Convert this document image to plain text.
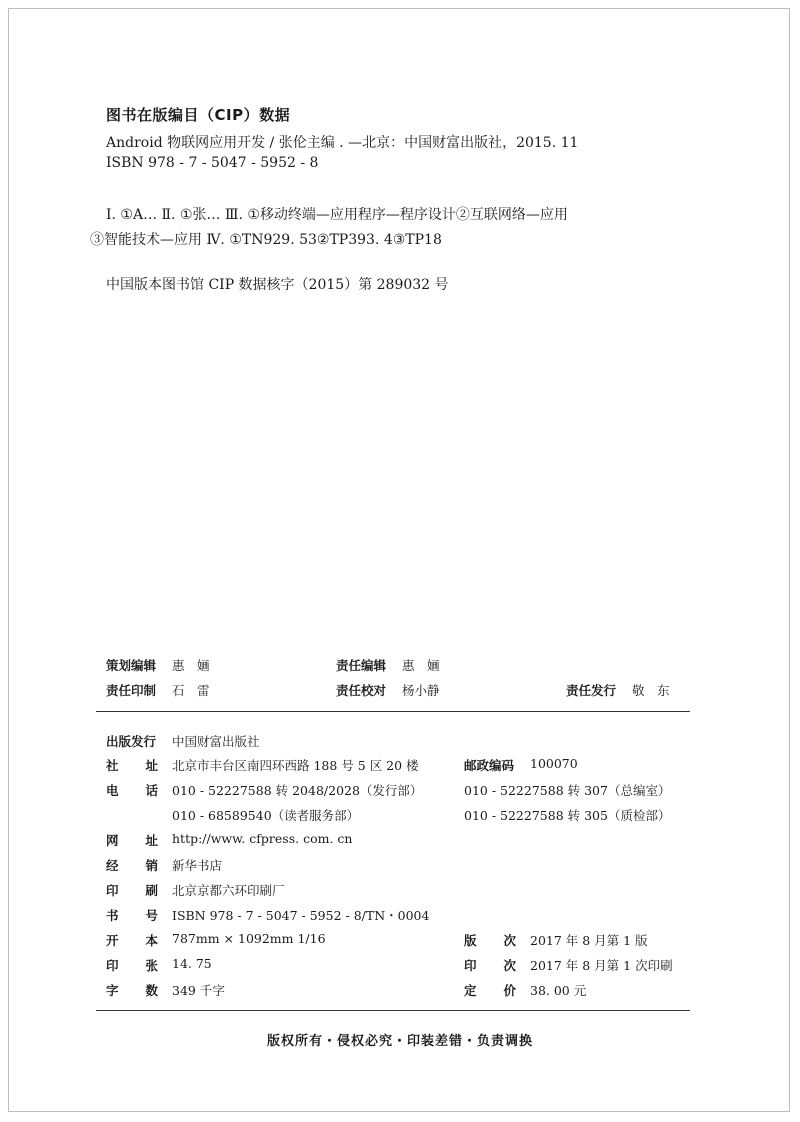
图书在版编目（CIP）数据
Android 物联网应用开发 / 张伦主编 . —北京：中国财富出版社，2015. 11
ISBN 978 - 7 - 5047 - 5952 - 8
Ⅰ. ①A… Ⅱ. ①张… Ⅲ. ①移动终端—应用程序—程序设计②互联网络—应用
③智能技术—应用 Ⅳ. ①TN929. 53②TP393. 4③TP18
中国版本图书馆 CIP 数据核字（2015）第 289032 号
策划编辑 惠　婳	责任编辑 惠　婳
责任印制 石　雷	责任校对 杨小静	责任发行 敬　东
出版发行 中国财富出版社
社 址 北京市丰台区南四环西路 188 号 5 区 20 楼	邮政编码 100070
电 话 010 - 52227588 转 2048/2028（发行部）	010 - 52227588 转 307（总编室）
010 - 68589540（读者服务部）	010 - 52227588 转 305（质检部）
网 址 http://www. cfpress. com. cn
经 销 新华书店
印 刷 北京京都六环印刷厂
书 号 ISBN 978 - 7 - 5047 - 5952 - 8/TN・0004
开 本 787mm × 1092mm 1/16	版 次 2017 年 8 月第 1 版
印 张 14. 75	印 次 2017 年 8 月第 1 次印刷
字 数 349 千字	定 价 38. 00 元
版权所有・侵权必究・印装差错・负责调换
